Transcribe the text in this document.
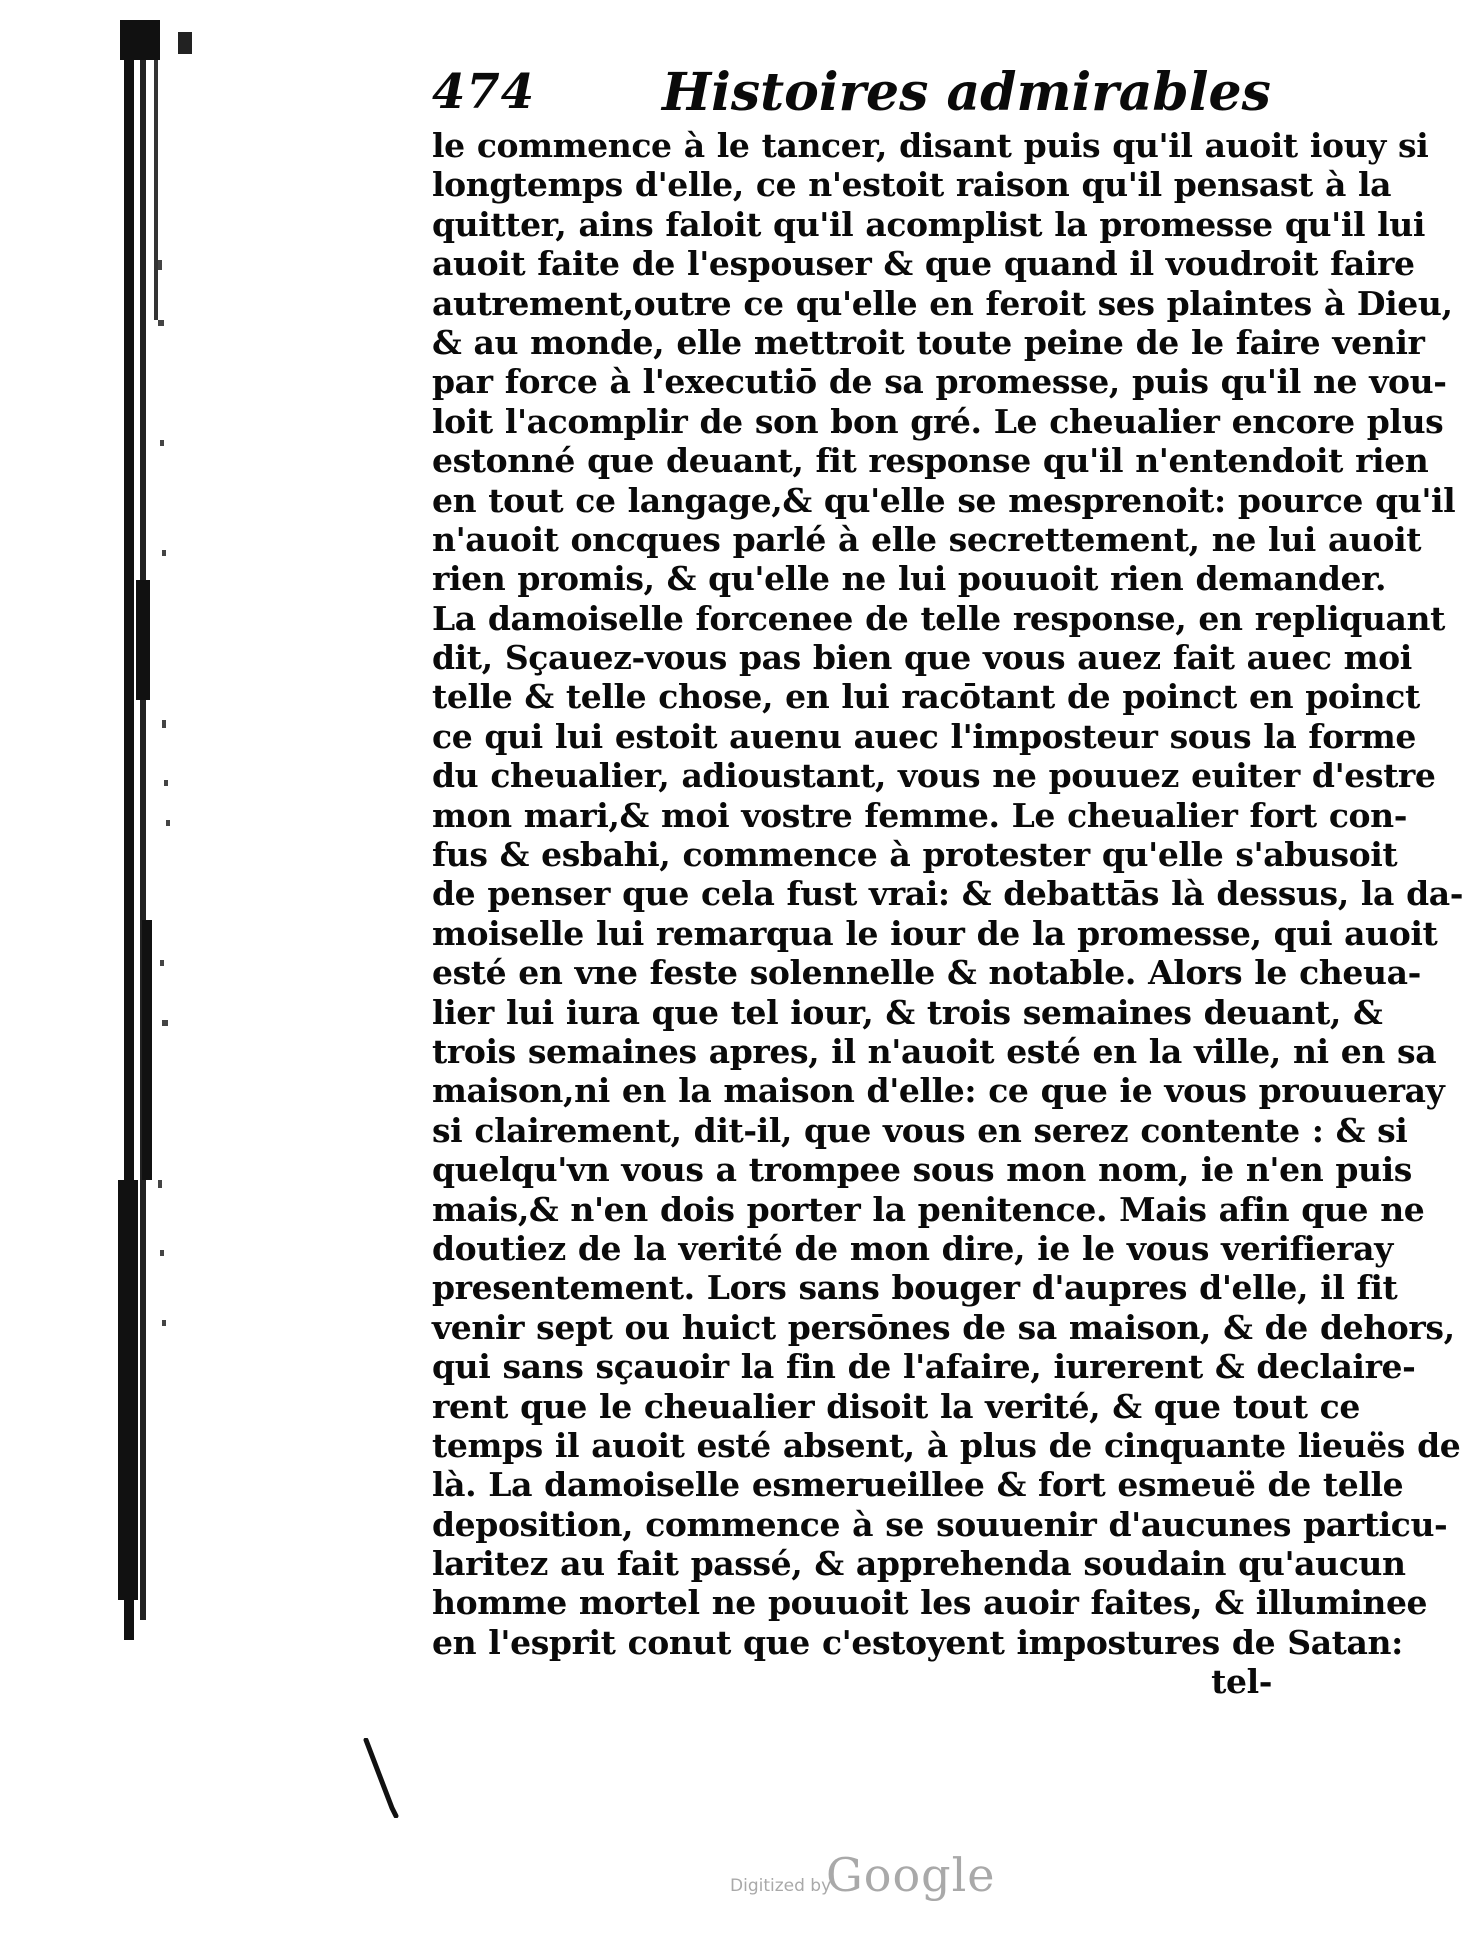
474 Histoires admirables
le commence à le tancer, disant puis qu'il auoit iouy si
longtemps d'elle, ce n'estoit raison qu'il pensast à la
quitter, ains faloit qu'il acomplist la promesse qu'il lui
auoit faite de l'espouser & que quand il voudroit faire
autrement,outre ce qu'elle en feroit ses plaintes à Dieu,
& au monde, elle mettroit toute peine de le faire venir
par force à l'executiō de sa promesse, puis qu'il ne vou-
loit l'acomplir de son bon gré. Le cheualier encore plus
estonné que deuant, fit response qu'il n'entendoit rien
en tout ce langage,& qu'elle se mesprenoit: pource qu'il
n'auoit oncques parlé à elle secrettement, ne lui auoit
rien promis, & qu'elle ne lui pouuoit rien demander.
La damoiselle forcenee de telle response, en repliquant
dit, Sçauez-vous pas bien que vous auez fait auec moi
telle & telle chose, en lui racōtant de poinct en poinct
ce qui lui estoit auenu auec l'imposteur sous la forme
du cheualier, adioustant, vous ne pouuez euiter d'estre
mon mari,& moi vostre femme. Le cheualier fort con-
fus & esbahi, commence à protester qu'elle s'abusoit
de penser que cela fust vrai: & debattās là dessus, la da-
moiselle lui remarqua le iour de la promesse, qui auoit
esté en vne feste solennelle & notable. Alors le cheua-
lier lui iura que tel iour, & trois semaines deuant, &
trois semaines apres, il n'auoit esté en la ville, ni en sa
maison,ni en la maison d'elle: ce que ie vous prouueray
si clairement, dit-il, que vous en serez contente : & si
quelqu'vn vous a trompee sous mon nom, ie n'en puis
mais,& n'en dois porter la penitence. Mais afin que ne
doutiez de la verité de mon dire, ie le vous verifieray
presentement. Lors sans bouger d'aupres d'elle, il fit
venir sept ou huict persōnes de sa maison, & de dehors,
qui sans sçauoir la fin de l'afaire, iurerent & declaire-
rent que le cheualier disoit la verité, & que tout ce
temps il auoit esté absent, à plus de cinquante lieuës de
là. La damoiselle esmerueillee & fort esmeuë de telle
deposition, commence à se souuenir d'aucunes particu-
laritez au fait passé, & apprehenda soudain qu'aucun
homme mortel ne pouuoit les auoir faites, & illuminee
en l'esprit conut que c'estoyent impostures de Satan:
tel-
Digitized by
Google
